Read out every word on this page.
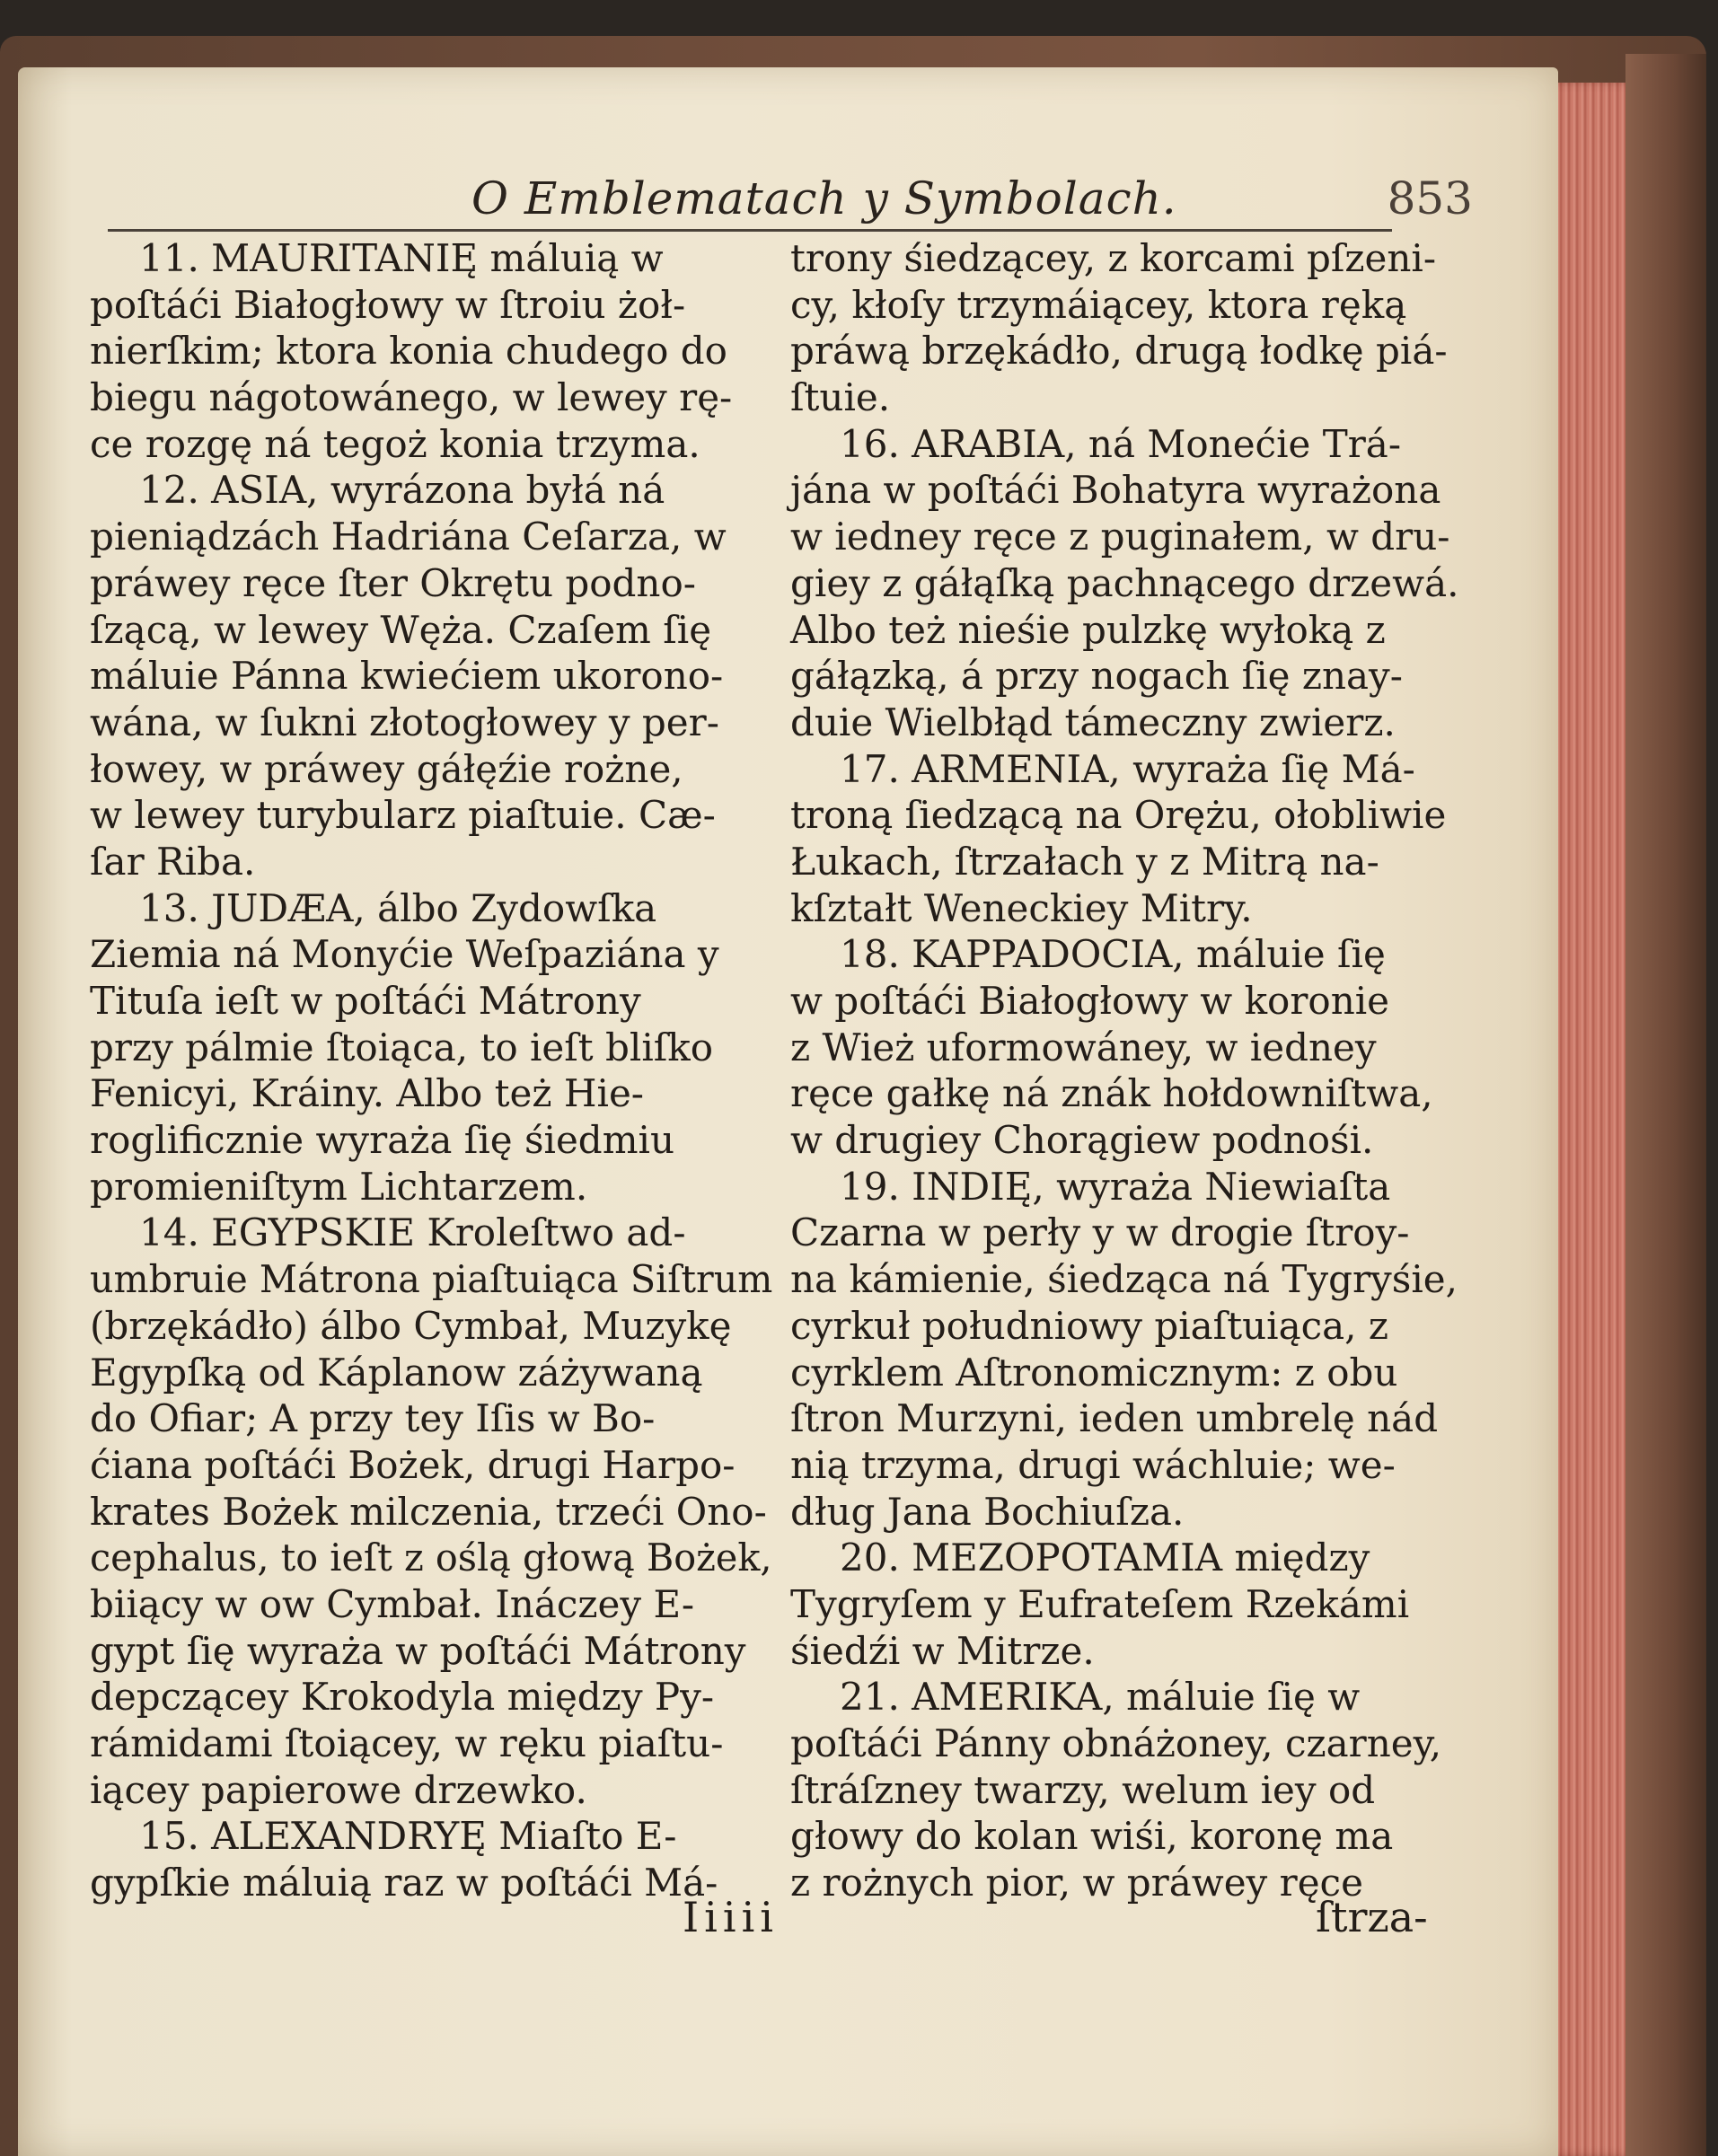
O Emblematach y Symbolach.	853
11. MAURITANIĘ máluią w
poſtáći Białogłowy w ſtroiu żoł-
nierſkim; ktora konia chudego do
biegu nágotowánego, w lewey rę-
ce rozgę ná tegoż konia trzyma.
12. ASIA, wyrázona byłá ná
pieniądzách Hadriána Ceſarza, w
práwey ręce ſter Okrętu podno-
ſzącą, w lewey Węża. Czaſem ſię
máluie Pánna kwiećiem ukorono-
wána, w ſukni złotogłowey y per-
łowey, w práwey gáłęźie rożne,
w lewey turybularz piaſtuie. Cæ-
ſar Riba.
13. JUDÆA, álbo Zydowſka
Ziemia ná Monyćie Weſpaziána y
Tituſa ieſt w poſtáći Mátrony
przy pálmie ſtoiąca, to ieſt bliſko
Fenicyi, Kráiny. Albo też Hie-
roglificznie wyraża ſię śiedmiu
promieniſtym Lichtarzem.
14. EGYPSKIE Krolеſtwo ad-
umbruie Mátrona piaſtuiąca Siſtrum
(brzękádło) álbo Cymbał, Muzykę
Egypſką od Káplanow záżywaną
do Ofiar; A przy tey Iſis w Bo-
ćiana poſtáći Bożek, drugi Harpo-
krates Bożek milczenia, trzeći Ono-
cephalus, to ieſt z oślą głową Bożek,
biiący w ow Cymbał. Ináczey E-
gypt ſię wyraża w poſtáći Mátrony
depczącey Krokodyla między Py-
rámidami ſtoiącey, w ręku piaſtu-
iącey papierowe drzewko.
15. ALEXANDRYĘ Miaſto E-
gypſkie máluią raz w poſtáći Má-
trony śiedzącey, z korcami pſzeni-
cy, kłoſy trzymáiącey, ktora ręką
práwą brzękádło, drugą łodkę piá-
ſtuie.
16. ARABIA, ná Monećie Trá-
jána w poſtáći Bohatyra wyrażona
w iedney ręce z puginałem, w dru-
giey z gáłąſką pachnącego drzewá.
Albo też nieśie pulzkę wyłoką z
gáłązką, á przy nogach ſię znay-
duie Wielbłąd támeczny zwierz.
17. ARMENIA, wyraża ſię Má-
troną ſiedzącą na Orężu, ołobliwie
Łukach, ſtrzałach y z Mitrą na-
kſztałt Weneckiey Mitry.
18. KAPPADOCIA, máluie ſię
w poſtáći Białogłowy w koronie
z Wież uformowáney, w iedney
ręce gałkę ná znák hołdowniſtwa,
w drugiey Chorągiew podnośi.
19. INDIĘ, wyraża Niewiaſta
Czarna w perły y w drogie ſtroy-
na kámienie, śiedząca ná Tygryśie,
cyrkuł południowy piaſtuiąca, z
cyrklem Aſtronomicznym: z obu
ſtron Murzyni, ieden umbrelę nád
nią trzyma, drugi wáchluie; we-
dług Jana Bochiuſza.
20. MEZOPOTAMIA między
Tygryſem y Eufrateſem Rzekámi
śiedźi w Mitrze.
21. AMERIKA, máluie ſię w
poſtáći Pánny obnáżoney, czarney,
ſtráſzney twarzy, welum iey od
głowy do kolan wiśi, koronę ma
z rożnych pior, w práwey ręce
Iiiii	ſtrza-
